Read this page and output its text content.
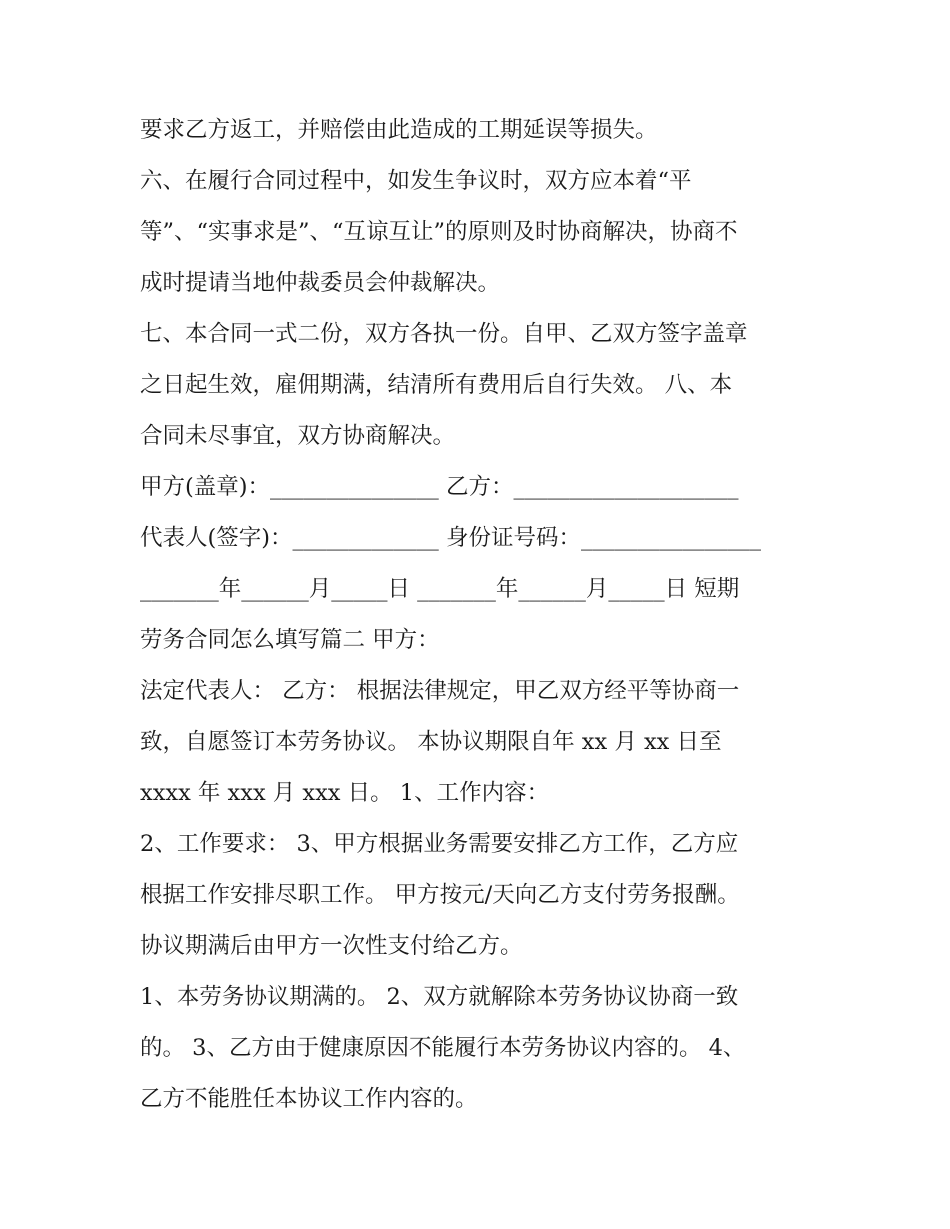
要求乙方返工，并赔偿由此造成的工期延误等损失。
六、在履行合同过程中，如发生争议时，双方应本着“平
等”、“实事求是”、“互谅互让”的原则及时协商解决，协商不
成时提请当地仲裁委员会仲裁解决。
七、本合同一式二份，双方各执一份。自甲、乙双方签字盖章
之日起生效，雇佣期满，结清所有费用后自行失效。 八、本
合同未尽事宜，双方协商解决。
甲方(盖章)：_______________ 乙方：____________________
代表人(签字)：_____________ 身份证号码：________________
_______年______月_____日 _______年______月_____日 短期
劳务合同怎么填写篇二 甲方：
法定代表人： 乙方： 根据法律规定，甲乙双方经平等协商一
致，自愿签订本劳务协议。 本协议期限自年 xx 月 xx 日至
xxxx 年 xxx 月 xxx 日。 1、工作内容：
2、工作要求： 3、甲方根据业务需要安排乙方工作，乙方应
根据工作安排尽职工作。 甲方按元/天向乙方支付劳务报酬。
协议期满后由甲方一次性支付给乙方。
1、本劳务协议期满的。 2、双方就解除本劳务协议协商一致
的。 3、乙方由于健康原因不能履行本劳务协议内容的。 4、
乙方不能胜任本协议工作内容的。
